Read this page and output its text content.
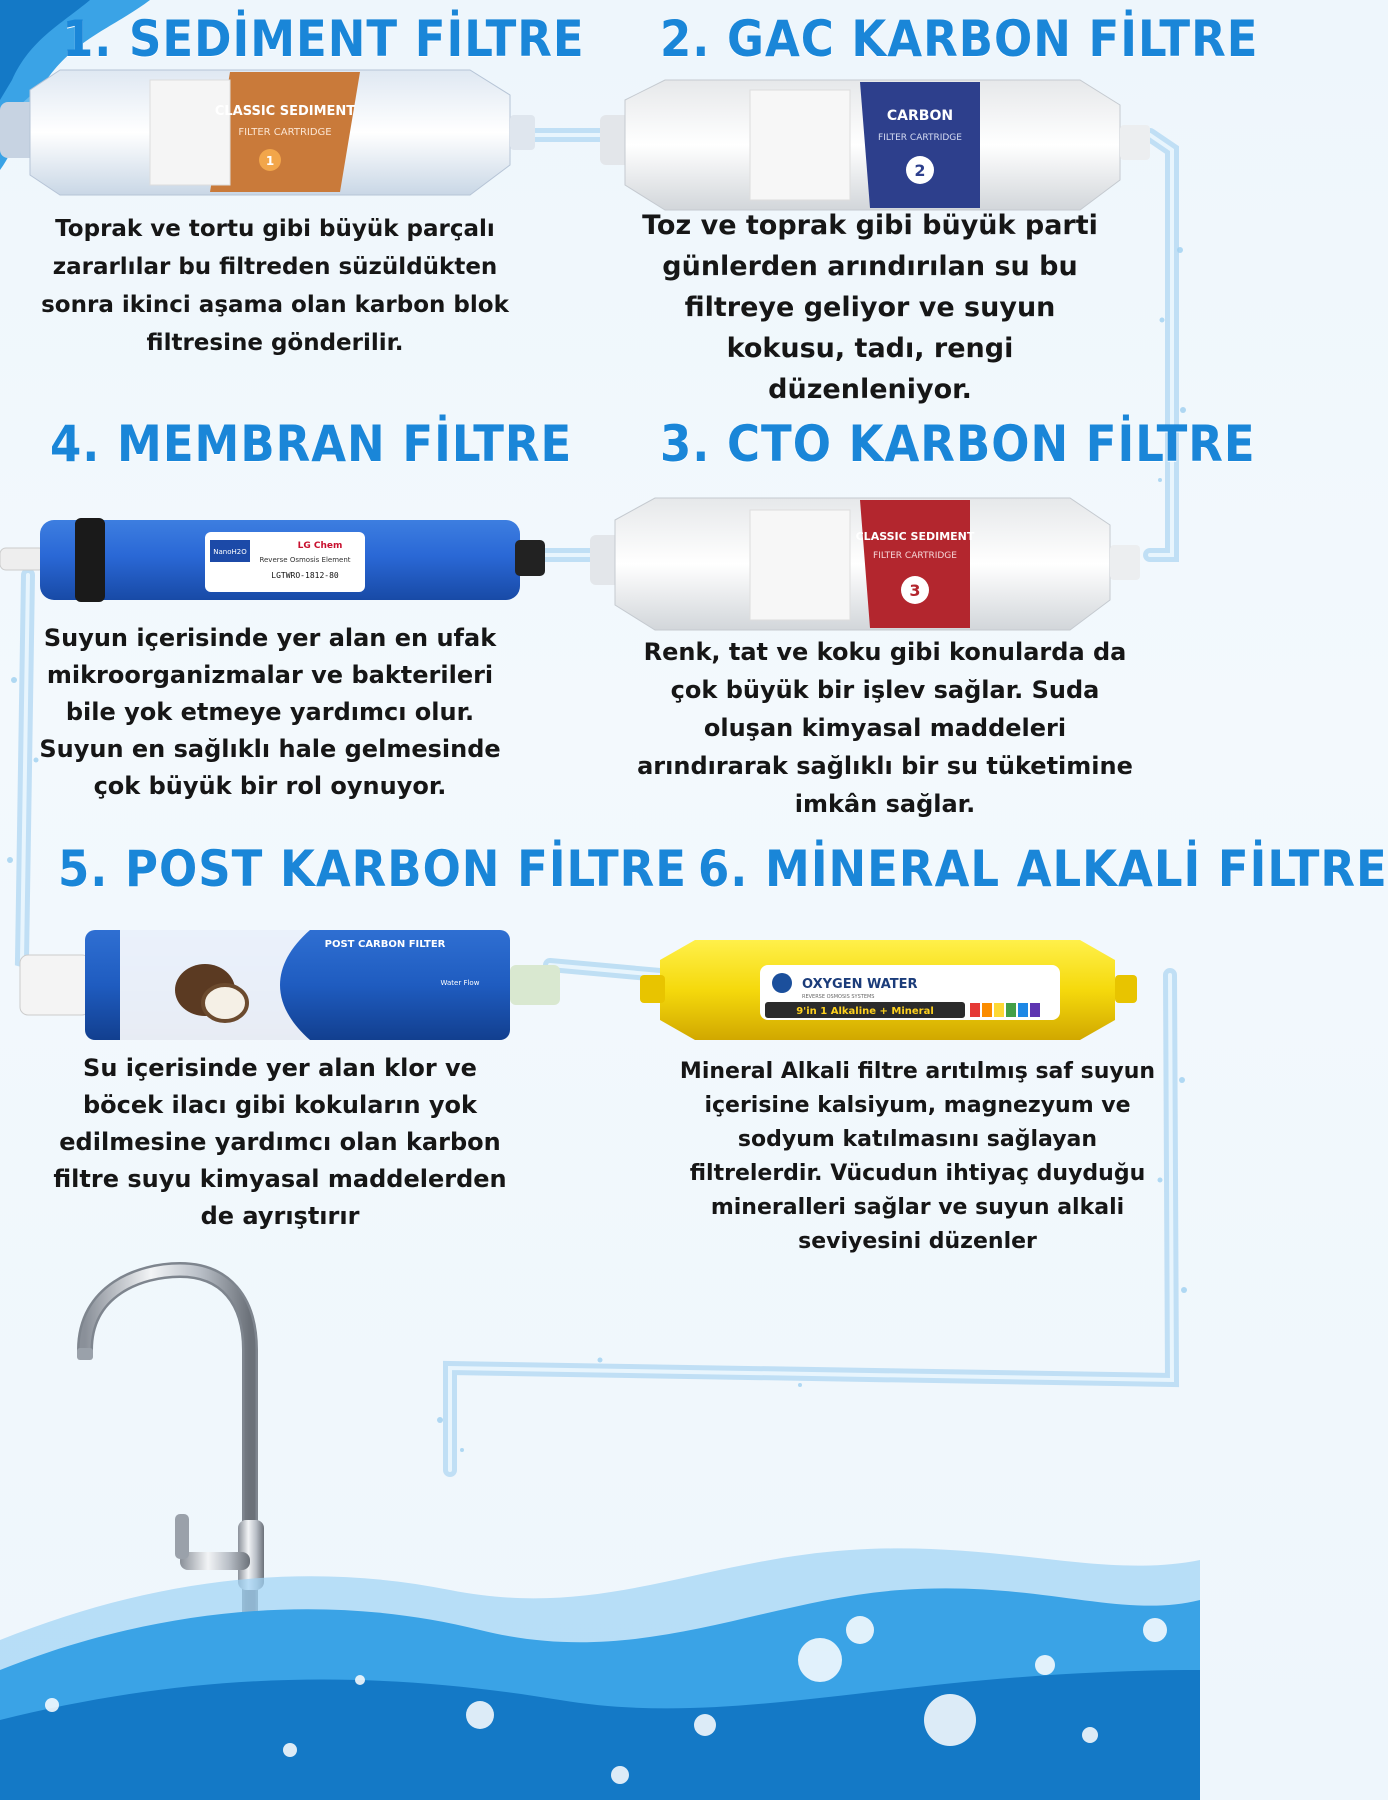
CLASSIC SEDIMENT
FILTER CARTRIDGE
1
CARBON
FILTER CARTRIDGE
2
CLASSIC SEDIMENT
FILTER CARTRIDGE
3
NanoH2O
LG Chem
Reverse Osmosis Element
LGTWRO-1812-80
POST CARBON FILTER
Water Flow	OXYGEN WATER
REVERSE OSMOSIS SYSTEMS
9'in 1 Alkaline + Mineral
1. SEDİMENT FİLTRE 2. GAC KARBON FİLTRE
4. MEMBRAN FİLTRE 3. CTO KARBON FİLTRE
5. POST KARBON FİLTRE 6. MİNERAL ALKALİ FİLTRE

Toprak ve tortu gibi büyük parçalı zararlılar bu filtreden süzüldükten sonra ikinci aşama olan karbon blok filtresine gönderilir.

Toz ve toprak gibi büyük parti günlerden arındırılan su bu filtreye geliyor ve suyun kokusu, tadı, rengi düzenleniyor.

Suyun içerisinde yer alan en ufak mikroorganizmalar ve bakterileri bile yok etmeye yardımcı olur. Suyun en sağlıklı hale gelmesinde çok büyük bir rol oynuyor.

Renk, tat ve koku gibi konularda da çok büyük bir işlev sağlar. Suda oluşan kimyasal maddeleri arındırarak sağlıklı bir su tüketimine imkân sağlar.

Su içerisinde yer alan klor ve böcek ilacı gibi kokuların yok edilmesine yardımcı olan karbon filtre suyu kimyasal maddelerden de ayrıştırır

Mineral Alkali filtre arıtılmış saf suyun içerisine kalsiyum, magnezyum ve sodyum katılmasını sağlayan filtrelerdir. Vücudun ihtiyaç duyduğu mineralleri sağlar ve suyun alkali seviyesini düzenler
